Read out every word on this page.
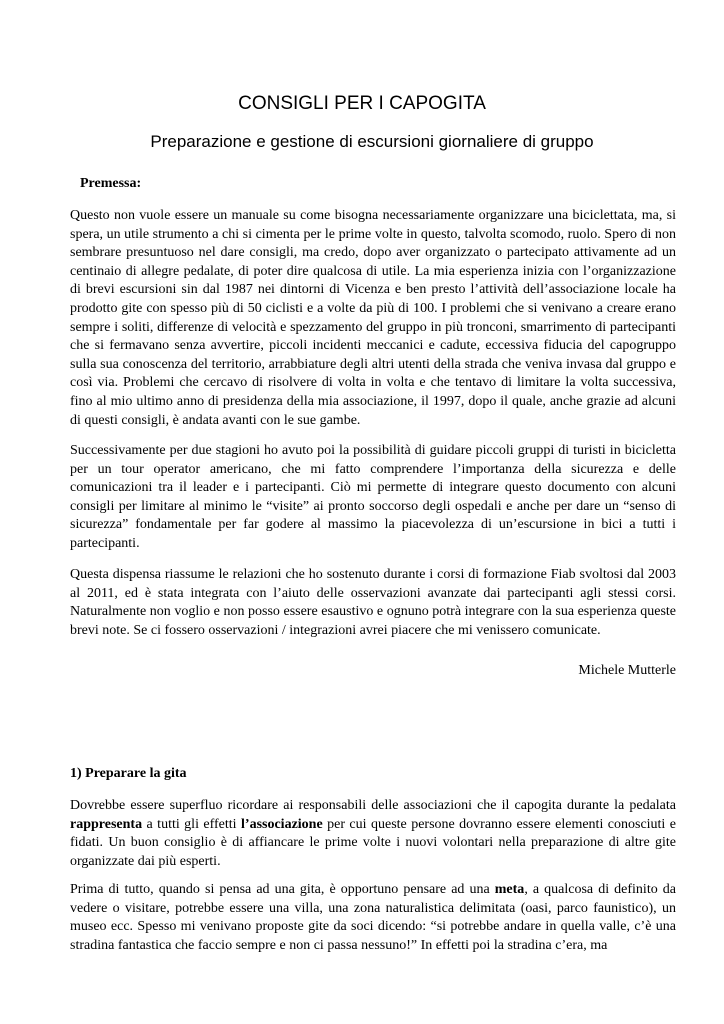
CONSIGLI PER I CAPOGITA
Preparazione e gestione di escursioni giornaliere di gruppo

Premessa:

Questo non vuole essere un manuale su come bisogna necessariamente organizzare una biciclettata, ma, si spera, un utile strumento a chi si cimenta per le prime volte in questo, talvolta scomodo, ruolo. Spero di non sembrare presuntuoso nel dare consigli, ma credo, dopo aver organizzato o partecipato attivamente ad un centinaio di allegre pedalate, di poter dire qualcosa di utile. La mia esperienza inizia con l’organizzazione di brevi escursioni sin dal 1987 nei dintorni di Vicenza e ben presto l’attività dell’associazione locale ha prodotto gite con spesso più di 50 ciclisti e a volte da più di 100. I problemi che si venivano a creare erano sempre i soliti, differenze di velocità e spezzamento del gruppo in più tronconi, smarrimento di partecipanti che si fermavano senza avvertire, piccoli incidenti meccanici e cadute, eccessiva fiducia del capogruppo sulla sua conoscenza del territorio, arrabbiature degli altri utenti della strada che veniva invasa dal gruppo e così via. Problemi che cercavo di risolvere di volta in volta e che tentavo di limitare la volta successiva, fino al mio ultimo anno di presidenza della mia associazione, il 1997, dopo il quale, anche grazie ad alcuni di questi consigli, è andata avanti con le sue gambe.

Successivamente per due stagioni ho avuto poi la possibilità di guidare piccoli gruppi di turisti in bicicletta per un tour operator americano, che mi fatto comprendere l’importanza della sicurezza e delle comunicazioni tra il leader e i partecipanti. Ciò mi permette di integrare questo documento con alcuni consigli per limitare al minimo le “visite” ai pronto soccorso degli ospedali e anche per dare un “senso di sicurezza” fondamentale per far godere al massimo la piacevolezza di un’escursione in bici a tutti i partecipanti.

Questa dispensa riassume le relazioni che ho sostenuto durante i corsi di formazione Fiab svoltosi dal 2003 al 2011, ed è stata integrata con l’aiuto delle osservazioni avanzate dai partecipanti agli stessi corsi. Naturalmente non voglio e non posso essere esaustivo e ognuno potrà integrare con la sua esperienza queste brevi note. Se ci fossero osservazioni / integrazioni avrei piacere che mi venissero comunicate.

Michele Mutterle

1) Preparare la gita

Dovrebbe essere superfluo ricordare ai responsabili delle associazioni che il capogita durante la pedalata rappresenta a tutti gli effetti l’associazione per cui queste persone dovranno essere elementi conosciuti e fidati. Un buon consiglio è di affiancare le prime volte i nuovi volontari nella preparazione di altre gite organizzate dai più esperti.

Prima di tutto, quando si pensa ad una gita, è opportuno pensare ad una meta, a qualcosa di definito da vedere o visitare, potrebbe essere una villa, una zona naturalistica delimitata (oasi, parco faunistico), un museo ecc. Spesso mi venivano proposte gite da soci dicendo: “si potrebbe andare in quella valle, c’è una stradina fantastica che faccio sempre e non ci passa nessuno!” In effetti poi la stradina c’era, ma
